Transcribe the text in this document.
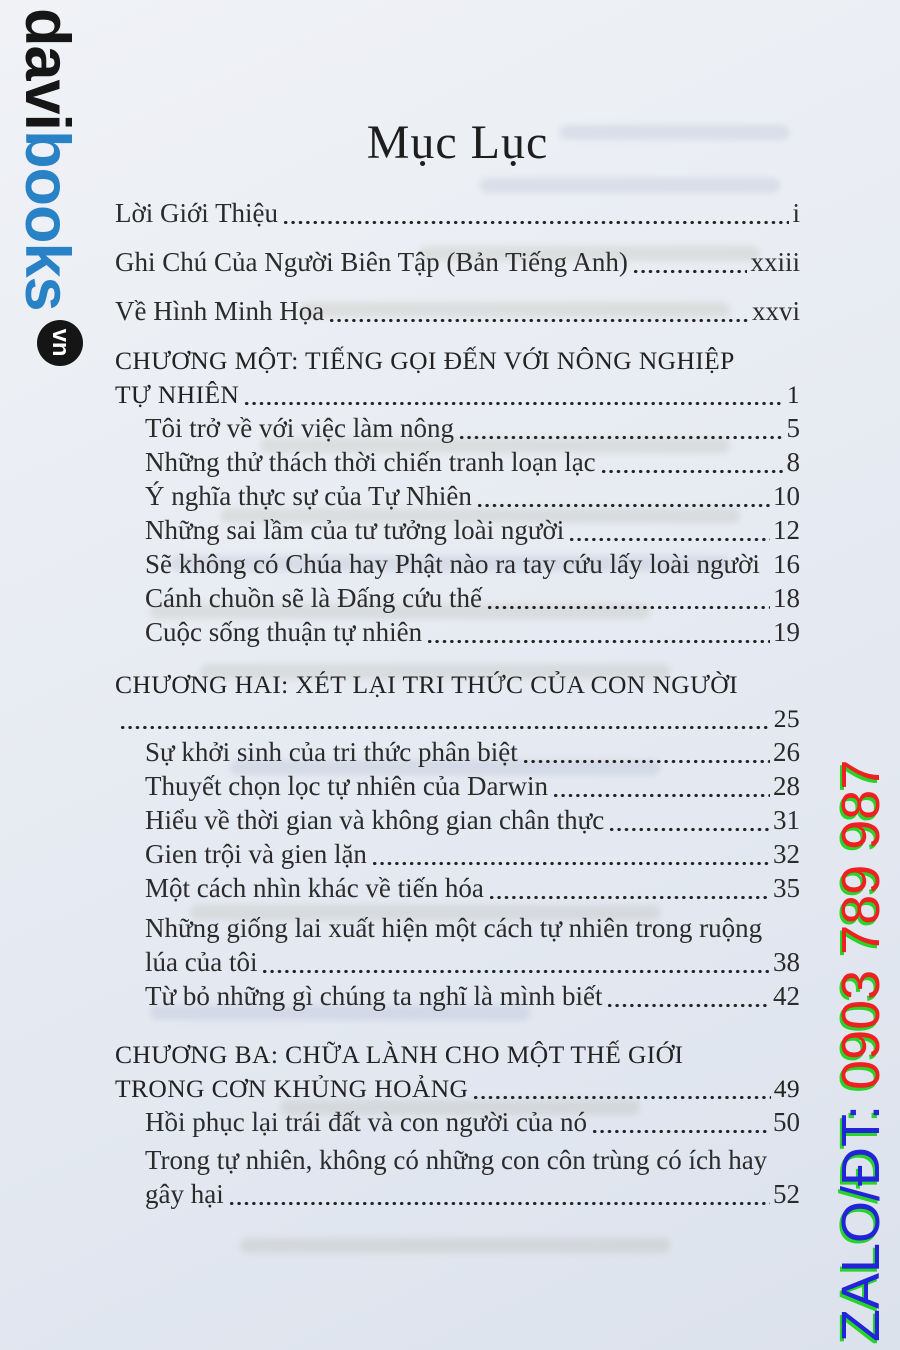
davibooksvn
ZALO/ĐT:0903 789 987
Mục Lục
Lời Giới Thiệu	i
Ghi Chú Của Người Biên Tập (Bản Tiếng Anh)	xxiii
Về Hình Minh Họa	xxvi
CHƯƠNG MỘT: TIẾNG GỌI ĐẾN VỚI NÔNG NGHIỆP
TỰ NHIÊN	1
Tôi trở về với việc làm nông	5
Những thử thách thời chiến tranh loạn lạc	8
Ý nghĩa thực sự của Tự Nhiên	10
Những sai lầm của tư tưởng loài người	12
Sẽ không có Chúa hay Phật nào ra tay cứu lấy loài người 16
Cánh chuồn sẽ là Đấng cứu thế	18
Cuộc sống thuận tự nhiên	19
CHƯƠNG HAI: XÉT LẠI TRI THỨC CỦA CON NGƯỜI
25
Sự khởi sinh của tri thức phân biệt	26
Thuyết chọn lọc tự nhiên của Darwin	28
Hiểu về thời gian và không gian chân thực	31
Gien trội và gien lặn	32
Một cách nhìn khác về tiến hóa	35
Những giống lai xuất hiện một cách tự nhiên trong ruộng
lúa của tôi	38
Từ bỏ những gì chúng ta nghĩ là mình biết	42
CHƯƠNG BA: CHỮA LÀNH CHO MỘT THẾ GIỚI
TRONG CƠN KHỦNG HOẢNG	49
Hồi phục lại trái đất và con người của nó	50
Trong tự nhiên, không có những con côn trùng có ích hay
gây hại	52
